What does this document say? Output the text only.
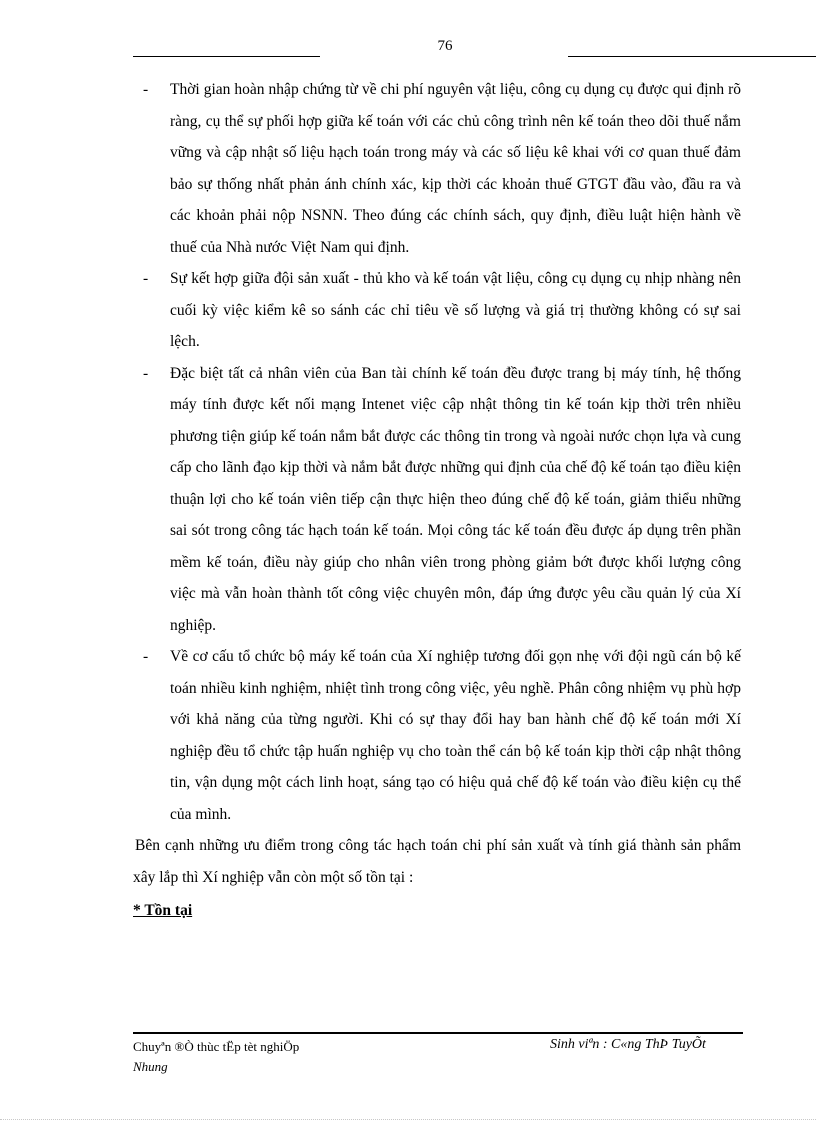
76
- Thời gian hoàn nhập chứng từ về chi phí nguyên vật liệu, công cụ dụng cụ được qui định rõ ràng, cụ thể sự phối hợp giữa kế toán với các chủ công trình nên kế toán theo dõi thuế nắm vững và cập nhật số liệu hạch toán trong máy và các số liệu kê khai với cơ quan thuế đảm bảo sự thống nhất phản ánh chính xác, kịp thời các khoản thuế GTGT đầu vào, đầu ra và các khoản phải nộp NSNN. Theo đúng các chính sách, quy định, điều luật hiện hành về thuế của Nhà nước Việt Nam qui định.
- Sự kết hợp giữa đội sản xuất - thủ kho và kế toán vật liệu, công cụ dụng cụ nhịp nhàng nên cuối kỳ việc kiểm kê so sánh các chỉ tiêu về số lượng và giá trị thường không có sự sai lệch.
- Đặc biệt tất cả nhân viên của Ban tài chính kế toán đều được trang bị máy tính, hệ thống máy tính được kết nối mạng Intenet việc cập nhật thông tin kế toán kịp thời trên nhiều phương tiện giúp kế toán nắm bắt được các thông tin trong và ngoài nước chọn lựa và cung cấp cho lãnh đạo kịp thời và nắm bắt được những qui định của chế độ kế toán tạo điều kiện thuận lợi cho kế toán viên tiếp cận thực hiện theo đúng chế độ kế toán, giảm thiểu những sai sót trong công tác hạch toán kế toán. Mọi công tác kế toán đều được áp dụng trên phần mềm kế toán, điều này giúp cho nhân viên trong phòng giảm bớt được khối lượng công việc mà vẫn hoàn thành tốt công việc chuyên môn, đáp ứng được yêu cầu quản lý của Xí nghiệp.
- Về cơ cấu tổ chức bộ máy kế toán của Xí nghiệp tương đối gọn nhẹ với đội ngũ cán bộ kế toán nhiều kinh nghiệm, nhiệt tình trong công việc, yêu nghề. Phân công nhiệm vụ phù hợp với khả năng của từng người. Khi có sự thay đổi hay ban hành chế độ kế toán mới Xí nghiệp đều tổ chức tập huấn nghiệp vụ cho toàn thể cán bộ kế toán kịp thời cập nhật thông tin, vận dụng một cách linh hoạt, sáng tạo có hiệu quả chế độ kế toán vào điều kiện cụ thể của mình.

Bên cạnh những ưu điểm trong công tác hạch toán chi phí sản xuất và tính giá thành sản phẩm xây lắp thì Xí nghiệp vẫn còn một số tồn tại :

* Tồn tại
Chuyªn ®Ò thùc tËp tèt nghiÖp
Nhung
Sinh viªn : C«ng ThÞ TuyÕt
